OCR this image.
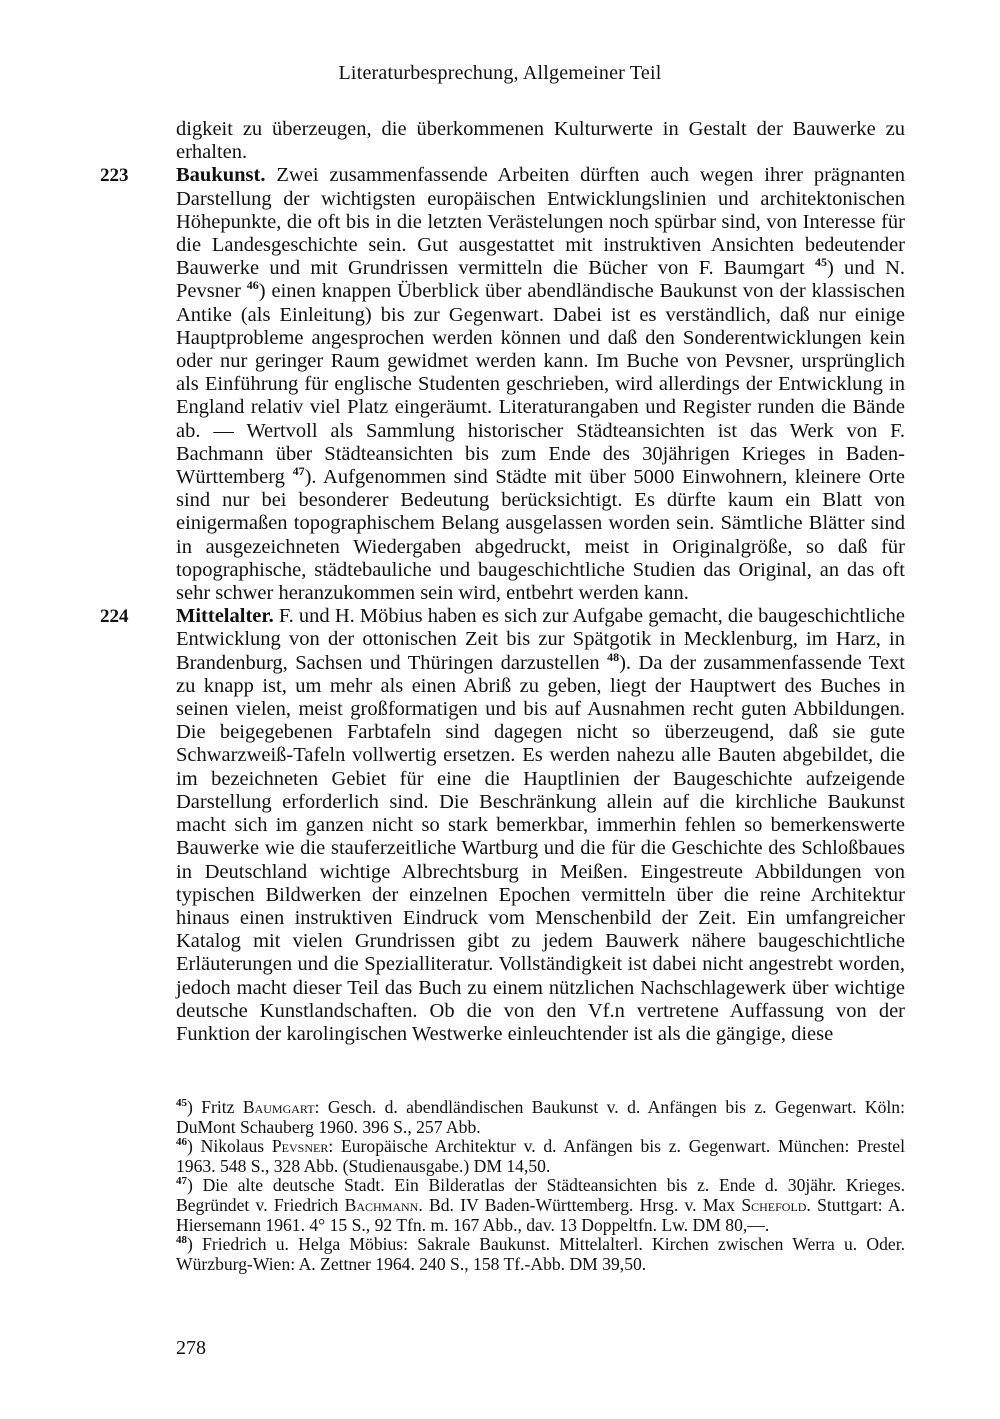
Literaturbesprechung, Allgemeiner Teil

digkeit zu überzeugen, die überkommenen Kulturwerte in Gestalt der Bauwerke zu erhalten.

223 Baukunst. Zwei zusammenfassende Arbeiten dürften auch wegen ihrer prägnanten Darstellung der wichtigsten europäischen Entwicklungslinien und architektonischen Höhepunkte, die oft bis in die letzten Verästelungen noch spürbar sind, von Interesse für die Landesgeschichte sein. Gut ausgestattet mit instruktiven Ansichten bedeutender Bauwerke und mit Grundrissen vermitteln die Bücher von F. Baumgart $^{45}$) und N. Pevsner $^{46}$) einen knappen Überblick über abendländische Baukunst von der klassischen Antike (als Einleitung) bis zur Gegenwart. Dabei ist es verständlich, daß nur einige Hauptprobleme angesprochen werden können und daß den Sonderentwicklungen kein oder nur geringer Raum gewidmet werden kann. Im Buche von Pevsner, ursprünglich als Einführung für englische Studenten geschrieben, wird allerdings der Entwicklung in England relativ viel Platz eingeräumt. Literaturangaben und Register runden die Bände ab. — Wertvoll als Sammlung historischer Städteansichten ist das Werk von F. Bachmann über Städteansichten bis zum Ende des 30jährigen Krieges in Baden-Württemberg $^{47}$). Aufgenommen sind Städte mit über 5000 Einwohnern, kleinere Orte sind nur bei besonderer Bedeutung berücksichtigt. Es dürfte kaum ein Blatt von einigermaßen topographischem Belang ausgelassen worden sein. Sämtliche Blätter sind in ausgezeichneten Wiedergaben abgedruckt, meist in Originalgröße, so daß für topographische, städtebauliche und baugeschichtliche Studien das Original, an das oft sehr schwer heranzukommen sein wird, entbehrt werden kann.

224 Mittelalter. F. und H. Möbius haben es sich zur Aufgabe gemacht, die baugeschichtliche Entwicklung von der ottonischen Zeit bis zur Spätgotik in Mecklenburg, im Harz, in Brandenburg, Sachsen und Thüringen darzustellen $^{48}$). Da der zusammenfassende Text zu knapp ist, um mehr als einen Abriß zu geben, liegt der Hauptwert des Buches in seinen vielen, meist großformatigen und bis auf Ausnahmen recht guten Abbildungen. Die beigegebenen Farbtafeln sind dagegen nicht so überzeugend, daß sie gute Schwarzweiß-Tafeln vollwertig ersetzen. Es werden nahezu alle Bauten abgebildet, die im bezeichneten Gebiet für eine die Hauptlinien der Baugeschichte aufzeigende Darstellung erforderlich sind. Die Beschränkung allein auf die kirchliche Baukunst macht sich im ganzen nicht so stark bemerkbar, immerhin fehlen so bemerkenswerte Bauwerke wie die stauferzeitliche Wartburg und die für die Geschichte des Schloßbaues in Deutschland wichtige Albrechtsburg in Meißen. Eingestreute Abbildungen von typischen Bildwerken der einzelnen Epochen vermitteln über die reine Architektur hinaus einen instruktiven Eindruck vom Menschenbild der Zeit. Ein umfangreicher Katalog mit vielen Grundrissen gibt zu jedem Bauwerk nähere baugeschichtliche Erläuterungen und die Spezialliteratur. Vollständigkeit ist dabei nicht angestrebt worden, jedoch macht dieser Teil das Buch zu einem nützlichen Nachschlagewerk über wichtige deutsche Kunstlandschaften. Ob die von den Vf.n vertretene Auffassung von der Funktion der karolingischen Westwerke einleuchtender ist als die gängige, diese

$^{45}$) Fritz Baumgart: Gesch. d. abendländischen Baukunst v. d. Anfängen bis z. Gegenwart. Köln: DuMont Schauberg 1960. 396 S., 257 Abb.

$^{46}$) Nikolaus Pevsner: Europäische Architektur v. d. Anfängen bis z. Gegenwart. München: Prestel 1963. 548 S., 328 Abb. (Studienausgabe.) DM 14,50.

$^{47}$) Die alte deutsche Stadt. Ein Bilderatlas der Städteansichten bis z. Ende d. 30jähr. Krieges. Begründet v. Friedrich Bachmann. Bd. IV Baden-Württemberg. Hrsg. v. Max Schefold. Stuttgart: A. Hiersemann 1961. 4° 15 S., 92 Tfn. m. 167 Abb., dav. 13 Doppeltfn. Lw. DM 80,—.

$^{48}$) Friedrich u. Helga Möbius: Sakrale Baukunst. Mittelalterl. Kirchen zwischen Werra u. Oder. Würzburg-Wien: A. Zettner 1964. 240 S., 158 Tf.-Abb. DM 39,50.

278
